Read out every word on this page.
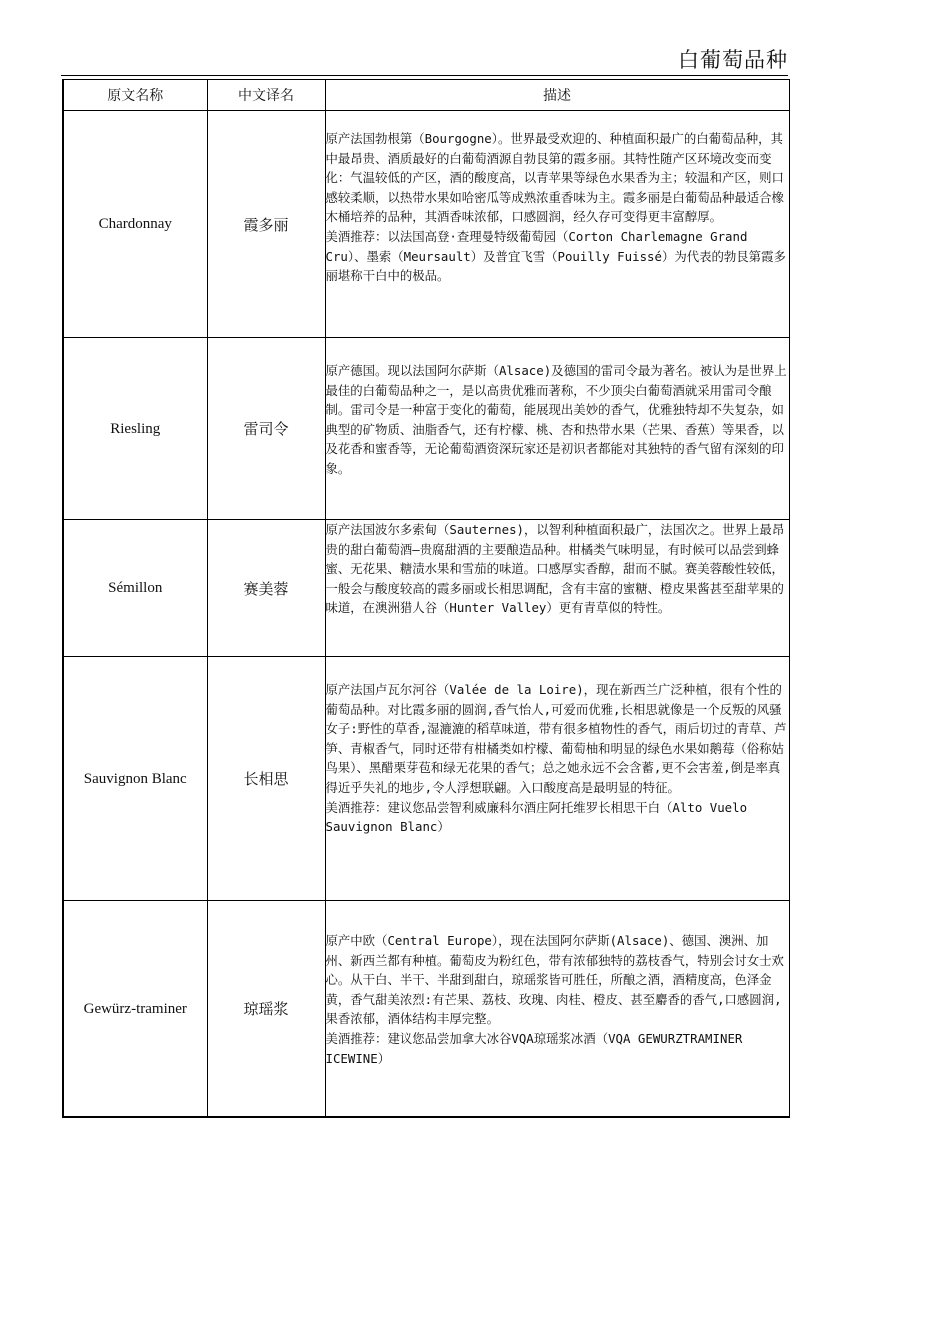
白葡萄品种
原文名称	中文译名	描述
Chardonnay	霞多丽	原产法国勃根第（Bourgogne）。世界最受欢迎的、种植面积最广的白葡萄品种，其中最昂贵、酒质最好的白葡萄酒源自勃艮第的霞多丽。其特性随产区环境改变而变化：气温较低的产区，酒的酸度高，以青苹果等绿色水果香为主；较温和产区，则口感较柔顺，以热带水果如哈密瓜等成熟浓重香味为主。霞多丽是白葡萄品种最适合橡木桶培养的品种，其酒香味浓郁，口感圆润，经久存可变得更丰富醇厚。
美酒推荐：以法国高登·查理曼特级葡萄园（Corton Charlemagne Grand Cru）、墨索（Meursault）及普宜飞雪（Pouilly Fuissé）为代表的勃艮第霞多丽堪称干白中的极品。

Riesling	雷司令	原产德国。现以法国阿尔萨斯（Alsace)及德国的雷司令最为著名。被认为是世界上最佳的白葡萄品种之一，是以高贵优雅而著称，不少顶尖白葡萄酒就采用雷司令酿制。雷司令是一种富于变化的葡萄，能展现出美妙的香气，优雅独特却不失复杂，如典型的矿物质、油脂香气，还有柠檬、桃、杏和热带水果（芒果、香蕉）等果香，以及花香和蜜香等，无论葡萄酒资深玩家还是初识者都能对其独特的香气留有深刻的印象。

Sémillon	赛美蓉	原产法国波尔多索甸（Sauternes)，以智利种植面积最广，法国次之。世界上最昂贵的甜白葡萄酒—贵腐甜酒的主要酿造品种。柑橘类气味明显，有时候可以品尝到蜂蜜、无花果、糖渍水果和雪茄的味道。口感厚实香醇，甜而不腻。赛美蓉酸性较低，一般会与酸度较高的霞多丽或长相思调配，含有丰富的蜜糖、橙皮果酱甚至甜苹果的味道，在澳洲猎人谷（Hunter Valley）更有青草似的特性。

Sauvignon Blanc	长相思	原产法国卢瓦尔河谷（Valée de la Loire)，现在新西兰广泛种植，很有个性的葡萄品种。对比霞多丽的圆润,香气怡人,可爱而优雅,长相思就像是一个反叛的风骚女子:野性的草香,湿漉漉的稻草味道，带有很多植物性的香气，雨后切过的青草、芦笋、青椒香气，同时还带有柑橘类如柠檬、葡萄柚和明显的绿色水果如鹅莓（俗称姑鸟果）、黑醋栗芽苞和绿无花果的香气；总之她永远不会含蓄,更不会害羞,倒是率真得近乎失礼的地步,令人浮想联翩。入口酸度高是最明显的特征。
美酒推荐：建议您品尝智利威廉科尔酒庄阿托维罗长相思干白（Alto Vuelo Sauvignon Blanc）

Gewürz-traminer	琼瑶浆	原产中欧（Central Europe），现在法国阿尔萨斯(Alsace)、德国、澳洲、加州、新西兰都有种植。葡萄皮为粉红色，带有浓郁独特的荔枝香气，特别会讨女士欢心。从干白、半干、半甜到甜白，琼瑶浆皆可胜任，所酿之酒，酒精度高，色泽金黄，香气甜美浓烈:有芒果、荔枝、玫瑰、肉桂、橙皮、甚至麝香的香气,口感圆润,果香浓郁，酒体结构丰厚完整。
美酒推荐：建议您品尝加拿大冰谷VQA琼瑶浆冰酒（VQA GEWURZTRAMINER ICEWINE）
